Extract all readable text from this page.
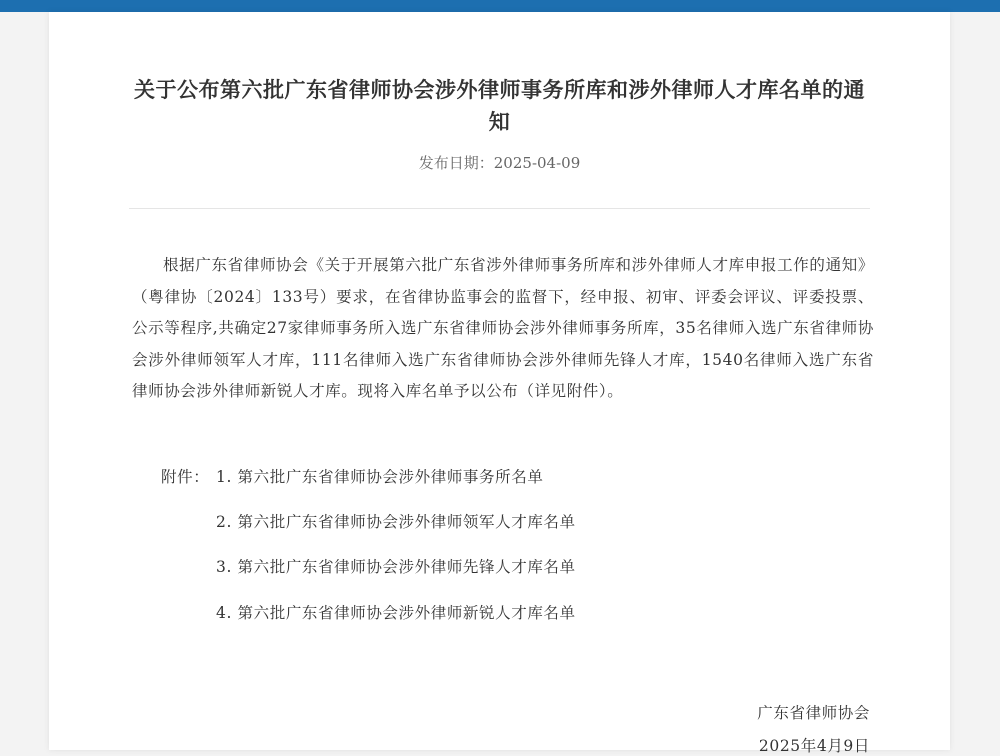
关于公布第六批广东省律师协会涉外律师事务所库和涉外律师人才库名单的通知
发布日期：2025-04-09
根据广东省律师协会《关于开展第六批广东省涉外律师事务所库和涉外律师人才库申报工作的通知》（粤律协〔2024〕133号）要求，在省律协监事会的监督下，经申报、初审、评委会评议、评委投票、公示等程序,共确定27家律师事务所入选广东省律师协会涉外律师事务所库，35名律师入选广东省律师协会涉外律师领军人才库，111名律师入选广东省律师协会涉外律师先锋人才库，1540名律师入选广东省律师协会涉外律师新锐人才库。现将入库名单予以公布（详见附件）。
附件： 1. 第六批广东省律师协会涉外律师事务所名单
2. 第六批广东省律师协会涉外律师领军人才库名单
3. 第六批广东省律师协会涉外律师先锋人才库名单
4. 第六批广东省律师协会涉外律师新锐人才库名单
广东省律师协会
2025年4月9日
